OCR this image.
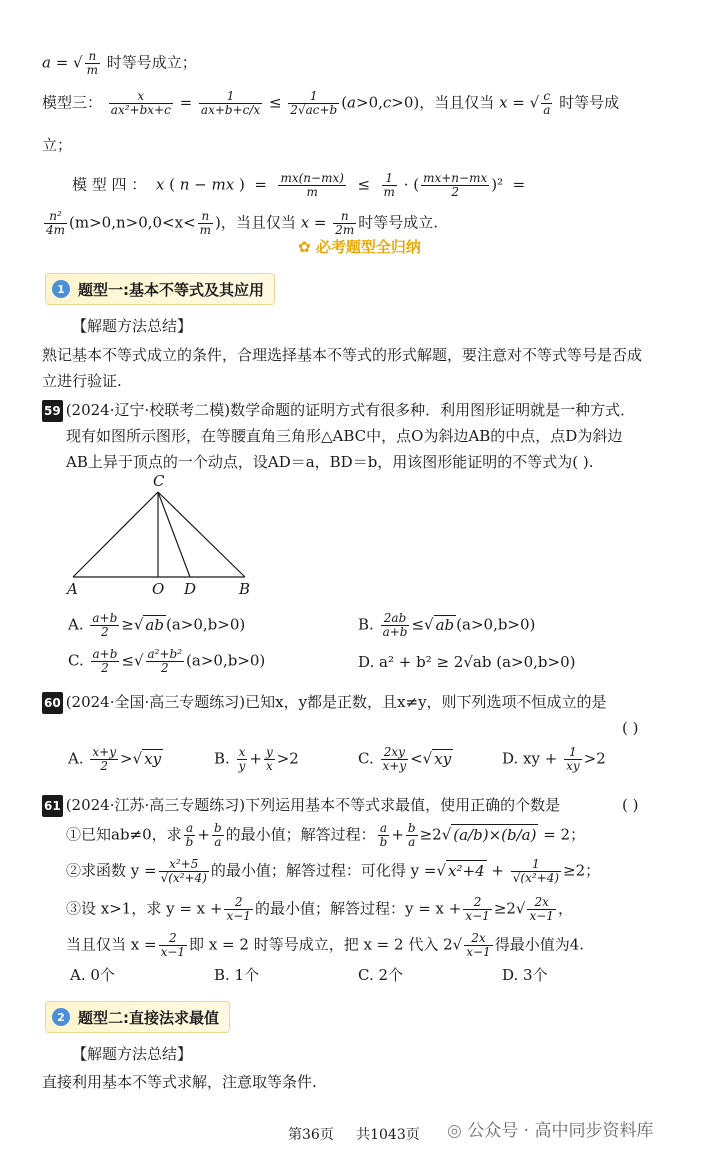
a = √ $\frac{n}{m}$ 时等号成立；
模型三： $\frac{x}{\text{ax²+bx+c}} = \frac{1}{ax+b+c/x} \le \frac{1}{2√ac+b} (a>0,c>0)$，当且仅当 x = √ $\frac{c}{a}$ 时等号成
立；
模 型 四 ： x ( n − mx )  = $\frac{mx(n-mx)}{m} \le \frac{1}{m}$ · ( $\frac{mx+n-mx}{2} )^2$  =
$\frac{\text{n²}}{4m} (m>0,n>0,0<x< \frac{n}{m}$ )，当且仅当 $x = \frac{n}{2m}$ 时等号成立.
✿ 必考题型全归纳
1 题型一:基本不等式及其应用
【解题方法总结】
熟记基本不等式成立的条件，合理选择基本不等式的形式解题，要注意对不等式等号是否成
立进行验证.
59 (2024·辽宁·校联考二模)数学命题的证明方式有很多种．利用图形证明就是一种方式．
现有如图所示图形，在等腰直角三角形△ABC中，点O为斜边AB的中点，点D为斜边
AB上异于顶点的一个动点，设AD＝a，BD＝b，用该图形能证明的不等式为( ).
C
A	O D	B
A. $\frac{a+b}{2}$ ≥√ ab (a>0,b>0)	B. $\frac{2ab}{a+b}$ ≤√ ab (a>0,b>0)
C. $\frac{a+b}{2}$ ≤√ $\frac{\text{a²+b²}}{2} (a>0,b>0)$	D. a² + b² ≥ 2√ab (a>0,b>0)
60 (2024·全国·高三专题练习)已知x，y都是正数，且x≠y，则下列选项不恒成立的是
( )
A. $\frac{x+y}{2}$ >√ xy	B. $\frac{x}{y} + \frac{y}{x} >2$	C. $\frac{2xy}{x+y}$ <√ xy	D. xy + $\frac{1}{xy} >2$
61 (2024·江苏·高三专题练习)下列运用基本不等式求最值，使用正确的个数是	( )
①已知ab≠0，求 $\frac{a}{b} + \frac{b}{a}$ 的最小值；解答过程： $\frac{a}{b} + \frac{b}{a} \ge 2√$ (a/b)×(b/a) = 2；
②求函数 $y = \frac{\text{x²+5}}{\text{√(x²+4)}}$ 的最小值；解答过程：可化得 y =√ $x^2+4 + \frac{1}{\text{√(x²+4)}} \ge 2$；
③设 x>1，求 $y = x + \frac{2}{x-1}$ 的最小值；解答过程：$y = x + \frac{2}{x-1} \ge 2√ \frac{2x}{x-1}$ ，
当且仅当 $x = \frac{2}{x-1}$ 即 x = 2 时等号成立，把 x = 2 代入 $2√ \frac{2x}{x-1}$ 得最小值为4.
A. 0个	B. 1个	C. 2个	D. 3个
2 题型二:直接法求最值
【解题方法总结】
直接利用基本不等式求解，注意取等条件.
第36页 共1043页 ◎ 公众号 · 高中同步资料库
